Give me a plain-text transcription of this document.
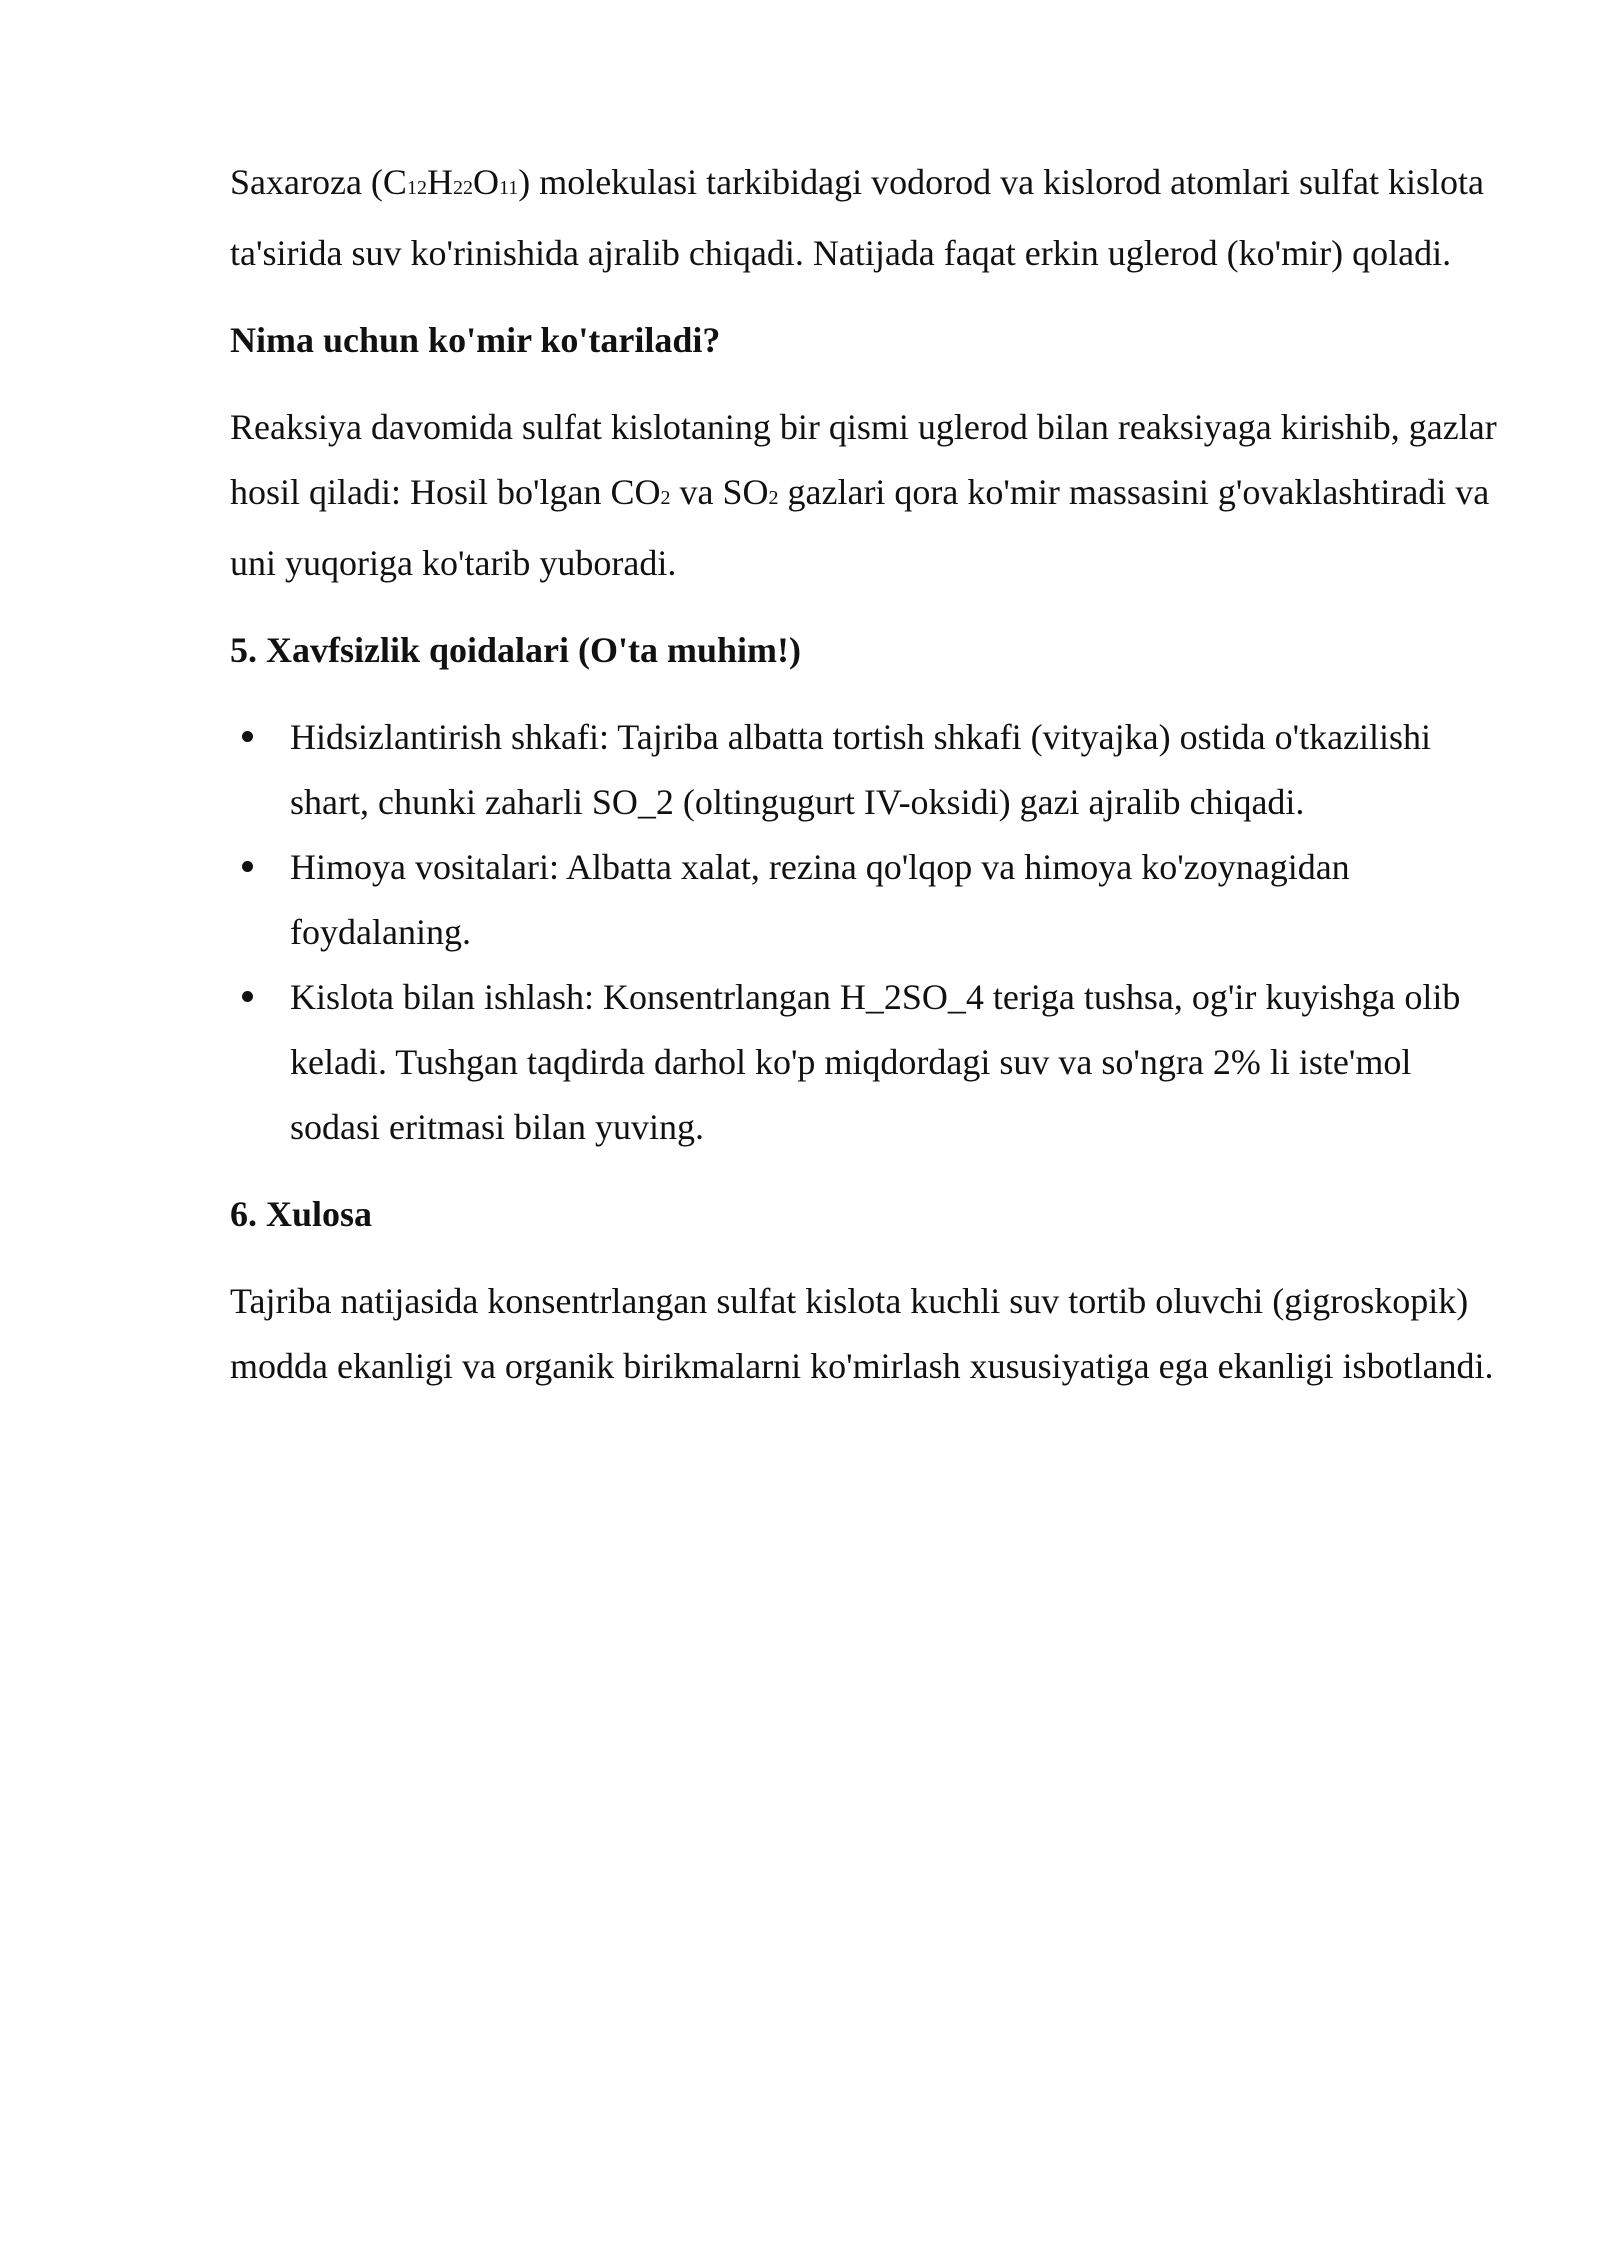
Saxaroza (C12H22O11) molekulasi tarkibidagi vodorod va kislorod atomlari sulfat kislota ta'sirida suv ko'rinishida ajralib chiqadi. Natijada faqat erkin uglerod (ko'mir) qoladi.

Nima uchun ko'mir ko'tariladi?

Reaksiya davomida sulfat kislotaning bir qismi uglerod bilan reaksiyaga kirishib, gazlar hosil qiladi: Hosil bo'lgan CO2 va SO2 gazlari qora ko'mir massasini g'ovaklashtiradi va uni yuqoriga ko'tarib yuboradi.

5. Xavfsizlik qoidalari (O'ta muhim!)
Hidsizlantirish shkafi: Tajriba albatta tortish shkafi (vityajka) ostida o'tkazilishi shart, chunki zaharli SO_2 (oltingugurt IV-oksidi) gazi ajralib chiqadi.
Himoya vositalari: Albatta xalat, rezina qo'lqop va himoya ko'zoynagidan foydalaning.
Kislota bilan ishlash: Konsentrlangan H_2SO_4 teriga tushsa, og'ir kuyishga olib keladi. Tushgan taqdirda darhol ko'p miqdordagi suv va so'ngra 2% li iste'mol sodasi eritmasi bilan yuving.
6. Xulosa

Tajriba natijasida konsentrlangan sulfat kislota kuchli suv tortib oluvchi (gigroskopik) modda ekanligi va organik birikmalarni ko'mirlash xususiyatiga ega ekanligi isbotlandi.
